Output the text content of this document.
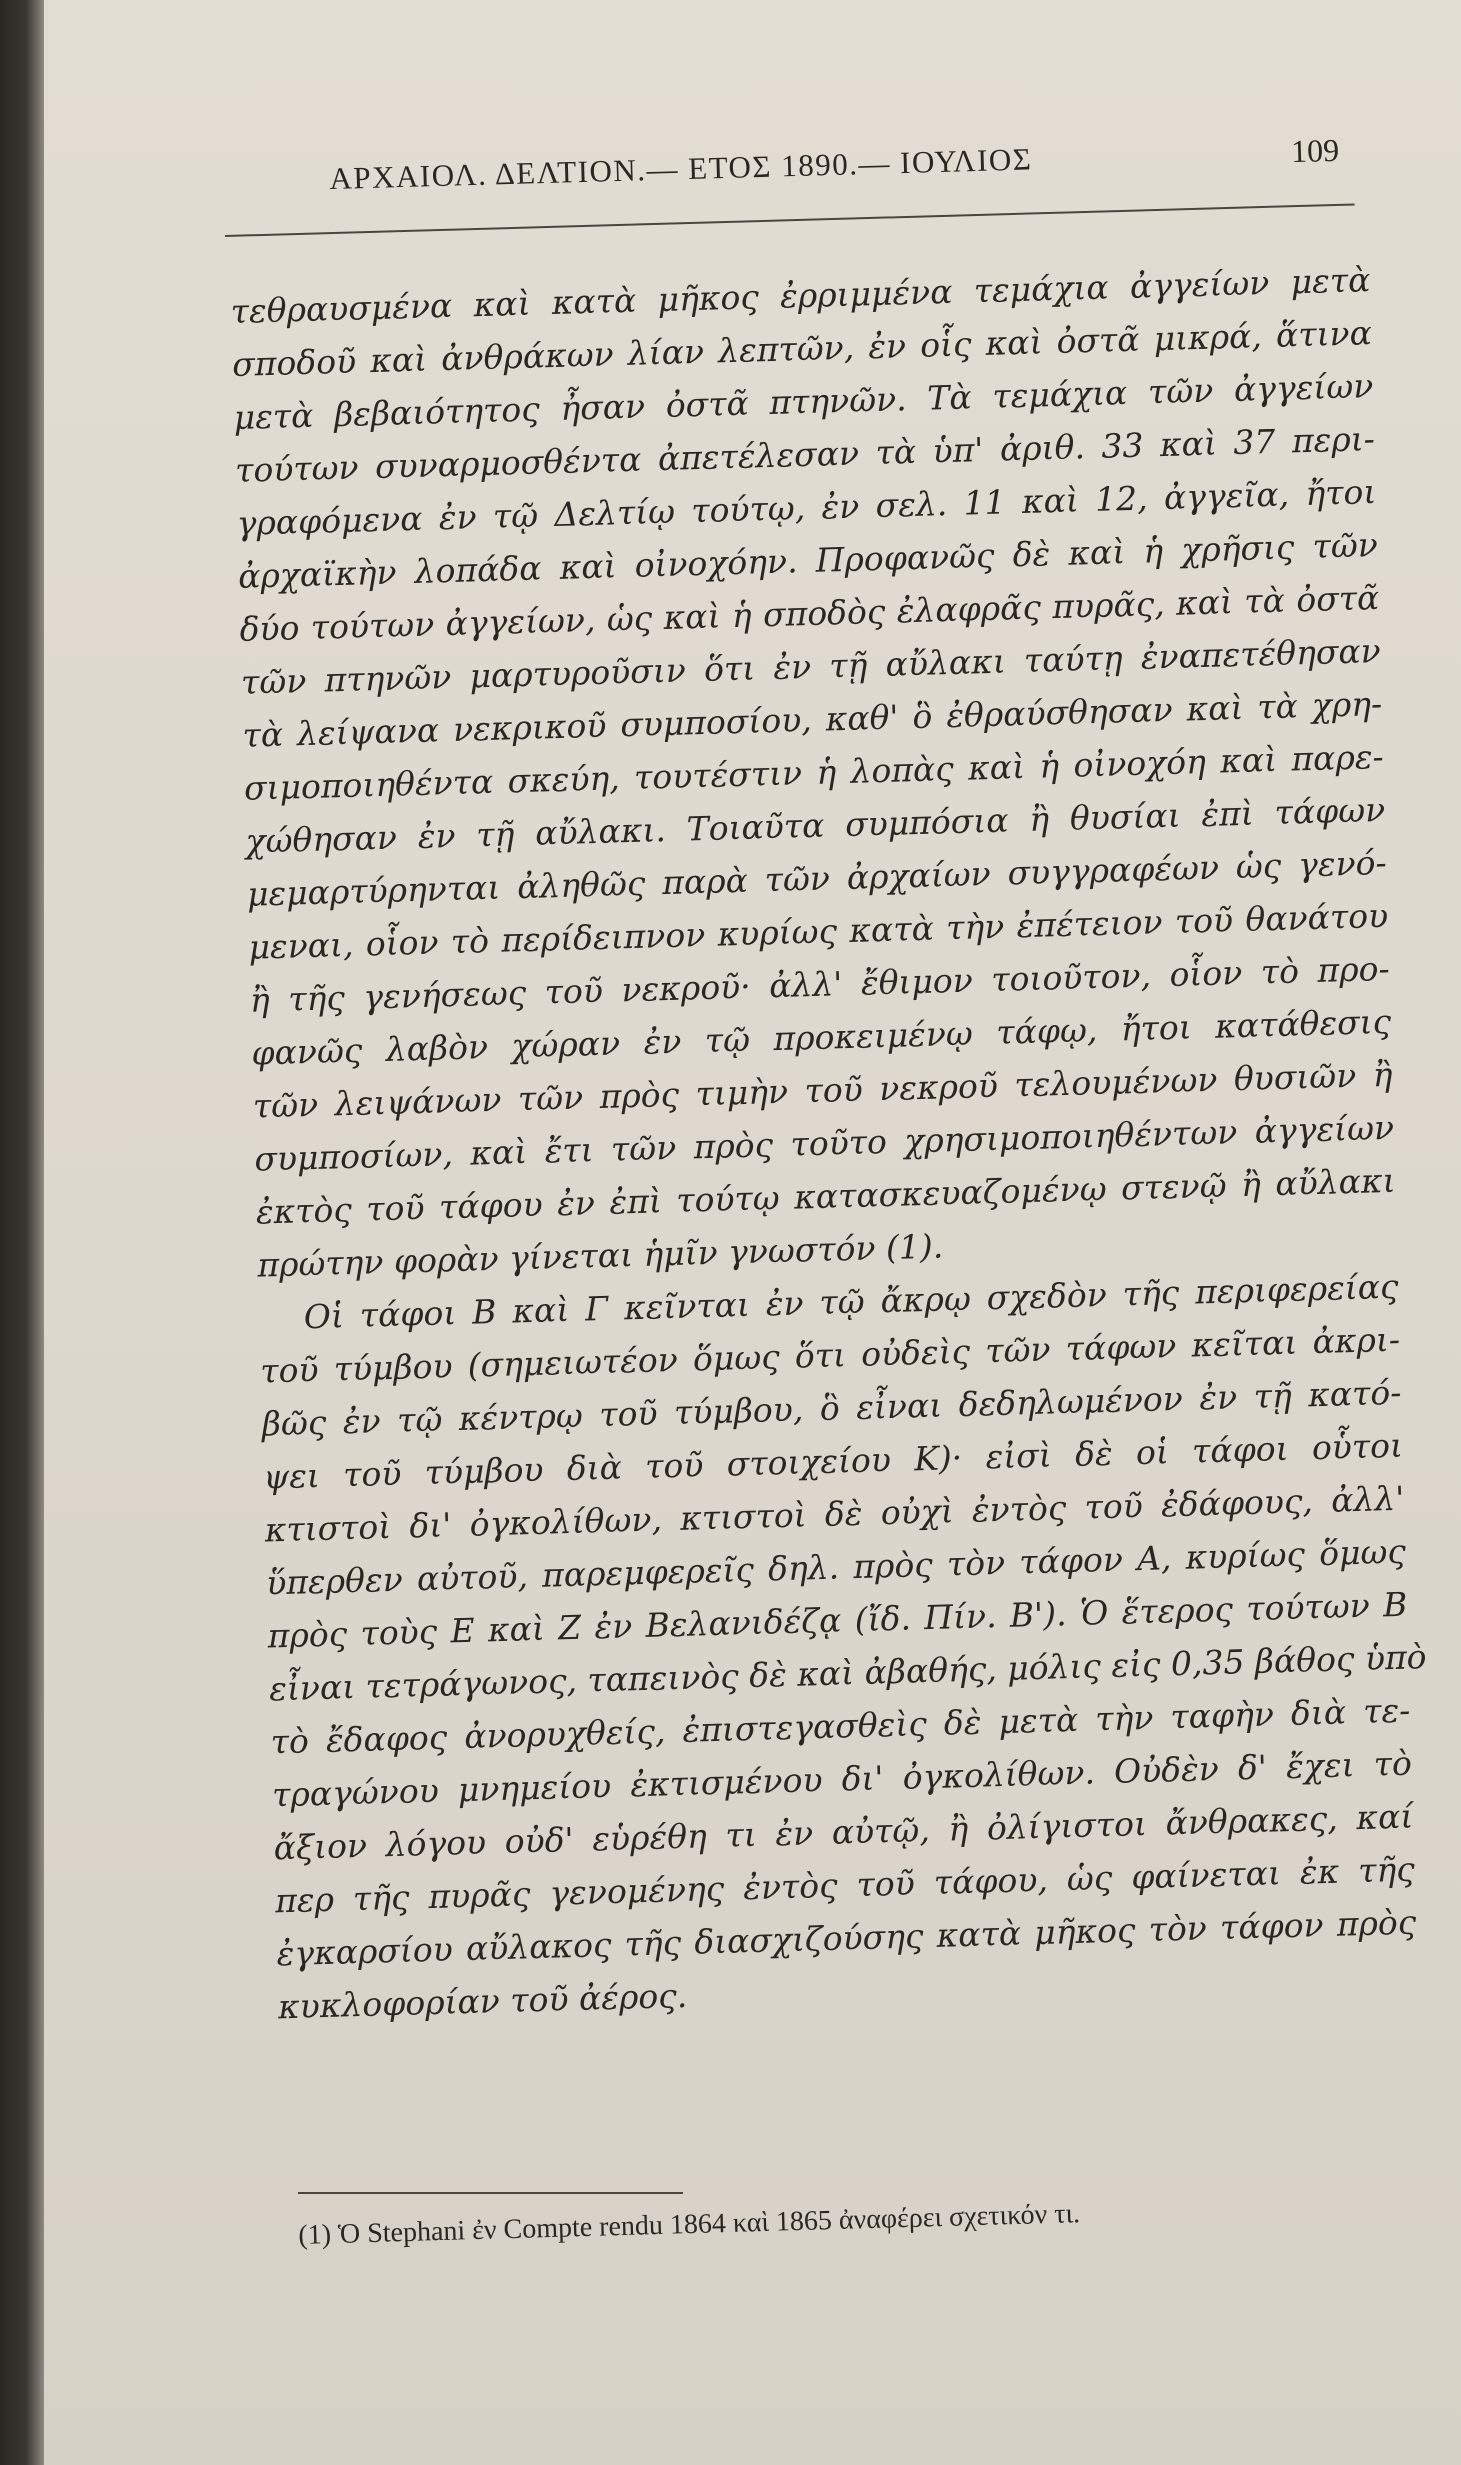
ΑΡΧΑΙΟΛ. ΔΕΛΤΙΟΝ.— ΕΤΟΣ 1890.— ΙΟΥΛΙΟΣ	109
τεθραυσμένα καὶ κατὰ μῆκος ἐρριμμένα τεμάχια ἀγγείων μετὰ
σποδοῦ καὶ ἀνθράκων λίαν λεπτῶν, ἐν οἷς καὶ ὀστᾶ μικρά, ἅτινα
μετὰ βεβαιότητος ἦσαν ὀστᾶ πτηνῶν. Τὰ τεμάχια τῶν ἀγγείων
τούτων συναρμοσθέντα ἀπετέλεσαν τὰ ὑπ' ἀριθ. 33 καὶ 37 περι-
γραφόμενα ἐν τῷ Δελτίῳ τούτῳ, ἐν σελ. 11 καὶ 12, ἀγγεῖα, ἤτοι
ἀρχαϊκὴν λοπάδα καὶ οἰνοχόην. Προφανῶς δὲ καὶ ἡ χρῆσις τῶν
δύο τούτων ἀγγείων, ὡς καὶ ἡ σποδὸς ἐλαφρᾶς πυρᾶς, καὶ τὰ ὀστᾶ
τῶν πτηνῶν μαρτυροῦσιν ὅτι ἐν τῇ αὔλακι ταύτῃ ἐναπετέθησαν
τὰ λείψανα νεκρικοῦ συμποσίου, καθ' ὃ ἐθραύσθησαν καὶ τὰ χρη-
σιμοποιηθέντα σκεύη, τουτέστιν ἡ λοπὰς καὶ ἡ οἰνοχόη καὶ παρε-
χώθησαν ἐν τῇ αὔλακι. Τοιαῦτα συμπόσια ἢ θυσίαι ἐπὶ τάφων
μεμαρτύρηνται ἀληθῶς παρὰ τῶν ἀρχαίων συγγραφέων ὡς γενό-
μεναι, οἷον τὸ περίδειπνον κυρίως κατὰ τὴν ἐπέτειον τοῦ θανάτου
ἢ τῆς γενήσεως τοῦ νεκροῦ· ἀλλ' ἔθιμον τοιοῦτον, οἷον τὸ προ-
φανῶς λαβὸν χώραν ἐν τῷ προκειμένῳ τάφῳ, ἤτοι κατάθεσις
τῶν λειψάνων τῶν πρὸς τιμὴν τοῦ νεκροῦ τελουμένων θυσιῶν ἢ
συμποσίων, καὶ ἔτι τῶν πρὸς τοῦτο χρησιμοποιηθέντων ἀγγείων
ἐκτὸς τοῦ τάφου ἐν ἐπὶ τούτῳ κατασκευαζομένῳ στενῷ ἢ αὔλακι
πρώτην φορὰν γίνεται ἡμῖν γνωστόν (1).
Οἱ τάφοι Β καὶ Γ κεῖνται ἐν τῷ ἄκρῳ σχεδὸν τῆς περιφερείας
τοῦ τύμβου (σημειωτέον ὅμως ὅτι οὐδεὶς τῶν τάφων κεῖται ἀκρι-
βῶς ἐν τῷ κέντρῳ τοῦ τύμβου, ὃ εἶναι δεδηλωμένον ἐν τῇ κατό-
ψει τοῦ τύμβου διὰ τοῦ στοιχείου Κ)· εἰσὶ δὲ οἱ τάφοι οὗτοι
κτιστοὶ δι' ὀγκολίθων, κτιστοὶ δὲ οὐχὶ ἐντὸς τοῦ ἐδάφους, ἀλλ'
ὕπερθεν αὐτοῦ, παρεμφερεῖς δηλ. πρὸς τὸν τάφον Α, κυρίως ὅμως
πρὸς τοὺς Ε καὶ Ζ ἐν Βελανιδέζᾳ (ἴδ. Πίν. Β'). Ὁ ἕτερος τούτων Β
εἶναι τετράγωνος, ταπεινὸς δὲ καὶ ἀβαθής, μόλις εἰς 0,35 βάθος ὑπὸ
τὸ ἔδαφος ἀνορυχθείς, ἐπιστεγασθεὶς δὲ μετὰ τὴν ταφὴν διὰ τε-
τραγώνου μνημείου ἐκτισμένου δι' ὀγκολίθων. Οὐδὲν δ' ἔχει τὸ
ἄξιον λόγου οὐδ' εὑρέθη τι ἐν αὐτῷ, ἢ ὀλίγιστοι ἄνθρακες, καί
περ τῆς πυρᾶς γενομένης ἐντὸς τοῦ τάφου, ὡς φαίνεται ἐκ τῆς
ἐγκαρσίου αὔλακος τῆς διασχιζούσης κατὰ μῆκος τὸν τάφον πρὸς
κυκλοφορίαν τοῦ ἀέρος.
(1) Ὁ Stephani ἐν Compte rendu 1864 καὶ 1865 ἀναφέρει σχετικόν τι.
